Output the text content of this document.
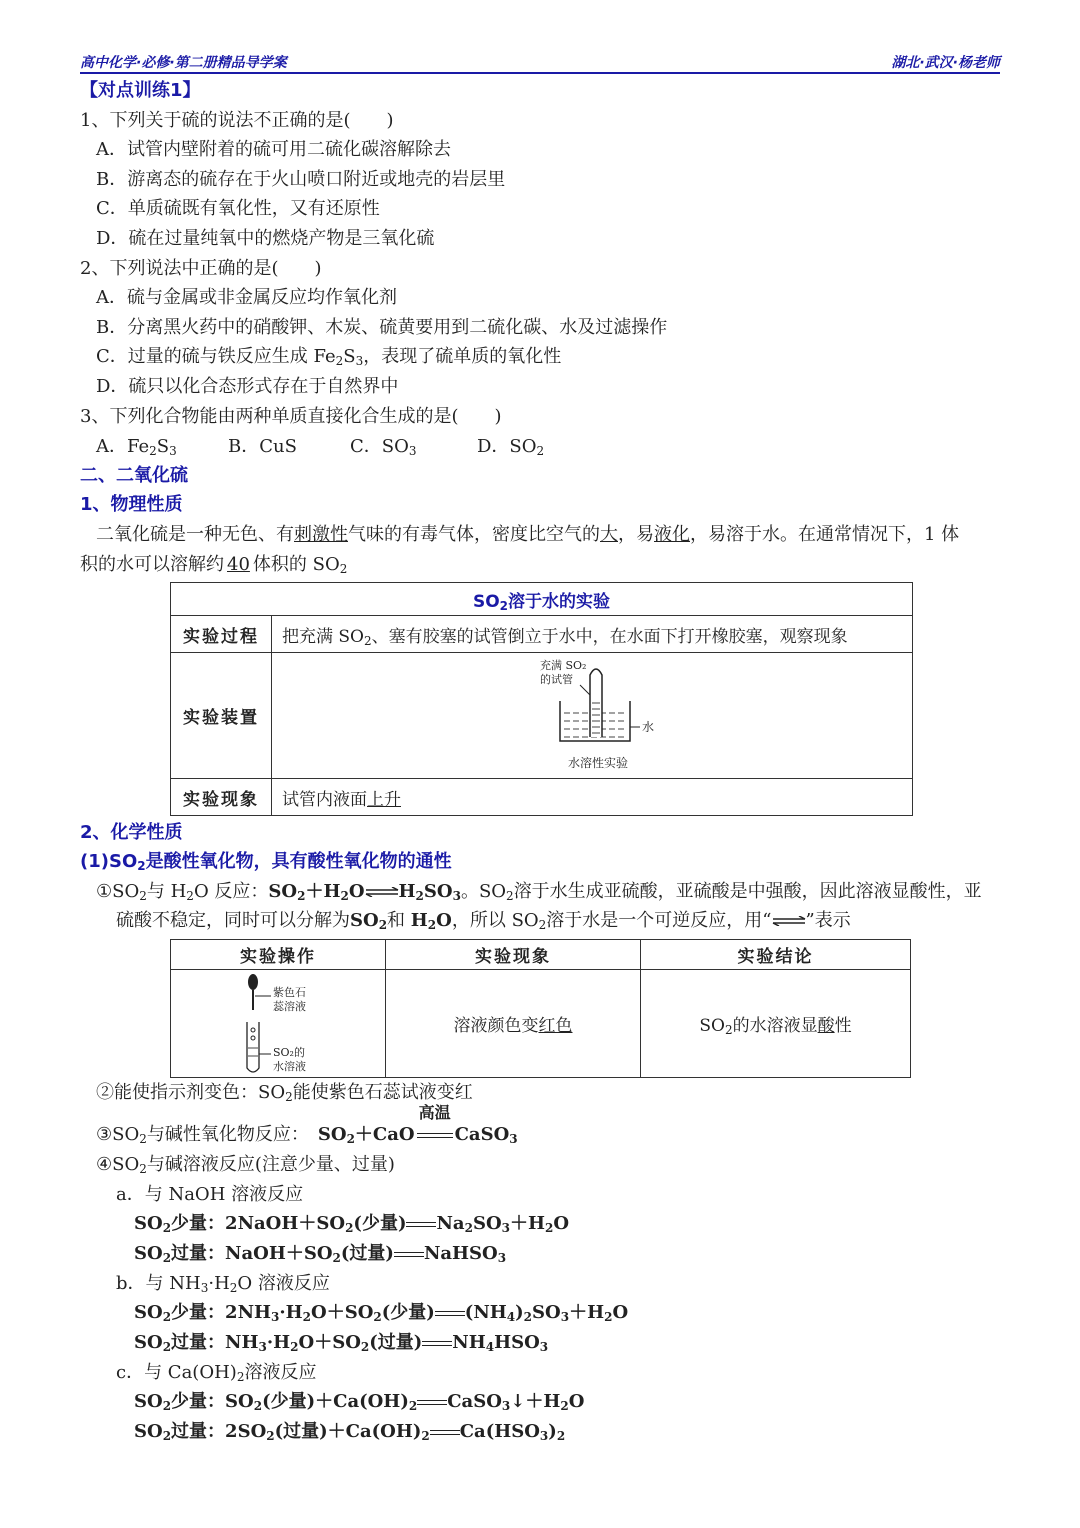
高中化学·必修·第二册精品导学案	湖北·武汉·杨老师
【对点训练1】
1、下列关于硫的说法不正确的是(　　)
A．试管内壁附着的硫可用二硫化碳溶解除去
B．游离态的硫存在于火山喷口附近或地壳的岩层里
C．单质硫既有氧化性，又有还原性
D．硫在过量纯氧中的燃烧产物是三氧化硫
2、下列说法中正确的是(　　)
A．硫与金属或非金属反应均作氧化剂
B．分离黑火药中的硝酸钾、木炭、硫黄要用到二硫化碳、水及过滤操作
C．过量的硫与铁反应生成 $Fe_2S_3$，表现了硫单质的氧化性
D．硫只以化合态形式存在于自然界中
3、下列化合物能由两种单质直接化合生成的是(　　)
A．$Fe_2S_3$	B．CuS	C．$SO_3$	D．$SO_2$
二、二氧化硫
1、物理性质
二氧化硫是一种无色、有刺激性气味的有毒气体，密度比空气的大，易液化，易溶于水。在通常情况下，1 体
积的水可以溶解约 40 体积的 $SO_2$
$SO_2$溶于水的实验	
实验过程	把充满 $SO_2$、塞有胶塞的试管倒立于水中，在水面下打开橡胶塞，观察现象
实验装置	充满 SO₂
的试管
水
水溶性实验

实验现象	试管内液面上升
2、化学性质
$(1)SO_2$是酸性氧化物，具有酸性氧化物的通性
$①SO_2$与 $H_2O$ 反应：$SO_2+H_2O\rightleftharpoons H_2SO_3$。$SO_2$溶于水生成亚硫酸，亚硫酸是中强酸，因此溶液显酸性，亚
硫酸不稳定，同时可以分解为$SO_2$和 $H_2O$，所以 $SO_2$溶于水是一个可逆反应，用“⇌”表示
实验操作	实验现象	实验结论

紫色石
蕊溶液
SO₂的
水溶液	溶液颜色变红色	$SO_2$的水溶液显酸性
②能使指示剂变色：$SO_2$能使紫色石蕊试液变红
$③SO_2$与碱性氧化物反应：　 $SO_2+CaO$
高温
CaSO$_3$
$④SO_2$与碱溶液反应(注意少量、过量)
a．与 NaOH 溶液反应
$SO_2$少量：$2NaOH+SO_2$(少量) $Na_2SO_3+H_2O$
$SO_2$过量：$NaOH+SO_2$(过量) NaHSO$_3$
b．与 $NH_3\cdot H_2O$ 溶液反应
$SO_2$少量：$2NH_3\cdot H_2O+SO_2$(少量) $(NH_4)_2SO_3+H_2O$
$SO_2$过量：$NH_3\cdot H_2O+SO_2$(过量) $NH_4HSO_3$
c．与 $Ca(OH)_2$溶液反应
$SO_2$少量：$SO_2$(少量)$+Ca(OH)_2$ $CaSO_3↓+H_2O$
$SO_2$过量：$2SO_2$(过量)$+Ca(OH)_2$ $Ca(HSO_3)_2$
